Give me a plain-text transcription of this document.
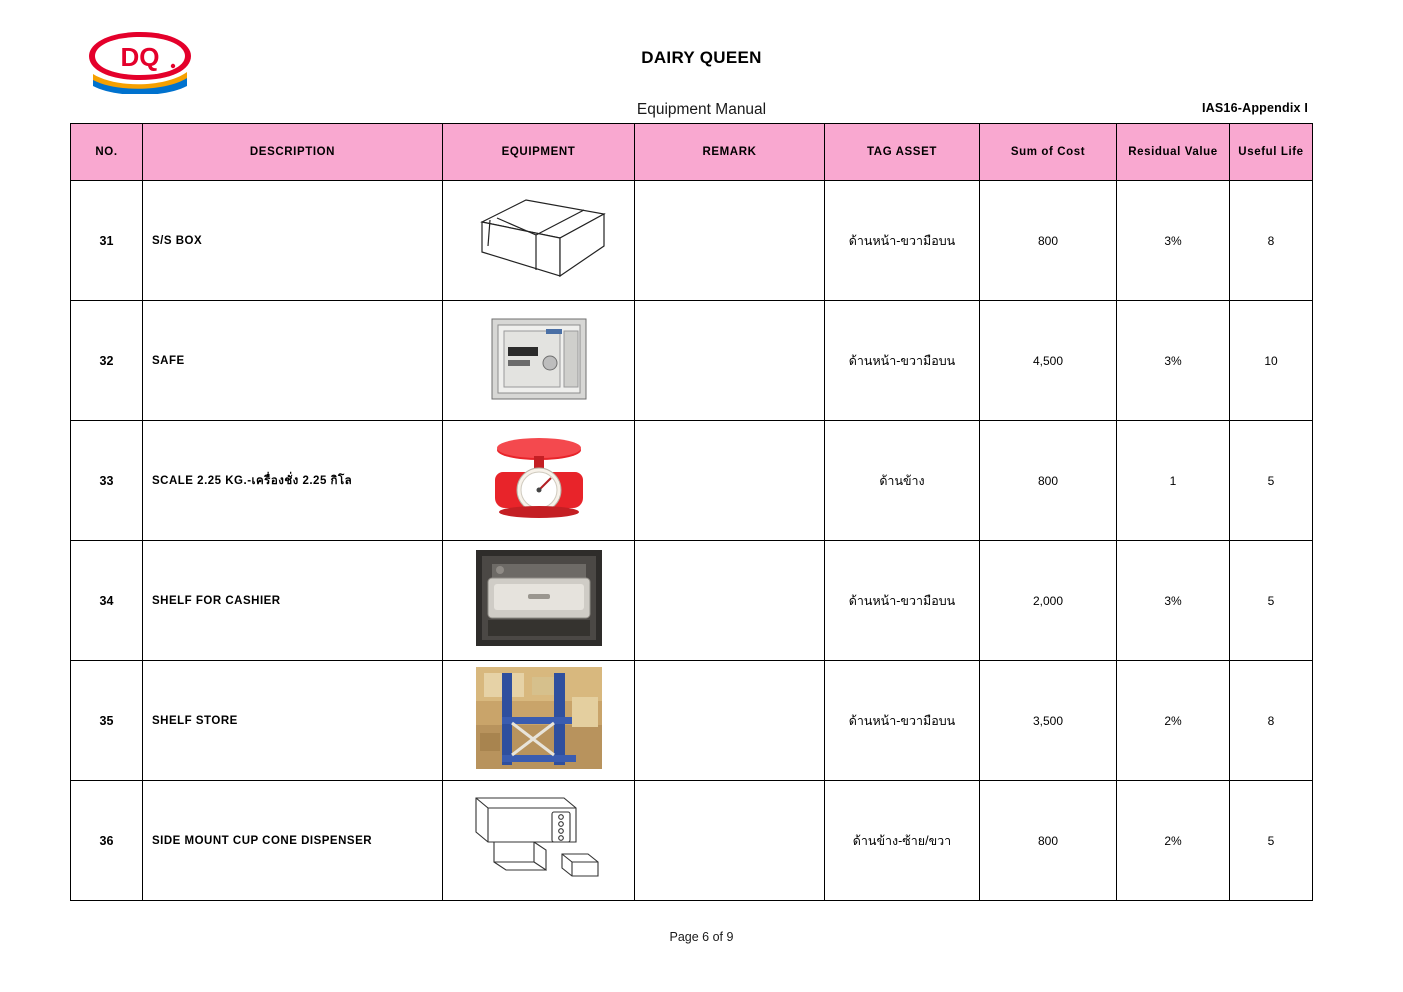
DQ	DAIRY QUEEN
Equipment Manual	IAS16-Appendix I
NO.	DESCRIPTION	EQUIPMENT	REMARK	TAG ASSET	Sum of Cost	Residual Value	Useful Life
31	S/S BOX			ด้านหน้า-ขวามือบน	800	3%	8
32	SAFE			ด้านหน้า-ขวามือบน	4,500	3%	10
33	SCALE 2.25 KG.-เครื่องชั่ง 2.25 กิโล			ด้านข้าง	800	1	5
34	SHELF FOR CASHIER			ด้านหน้า-ขวามือบน	2,000	3%	5
35	SHELF STORE			ด้านหน้า-ขวามือบน	3,500	2%	8
36	SIDE MOUNT CUP CONE DISPENSER			ด้านข้าง-ซ้าย/ขวา	800	2%	5
Page 6 of 9
